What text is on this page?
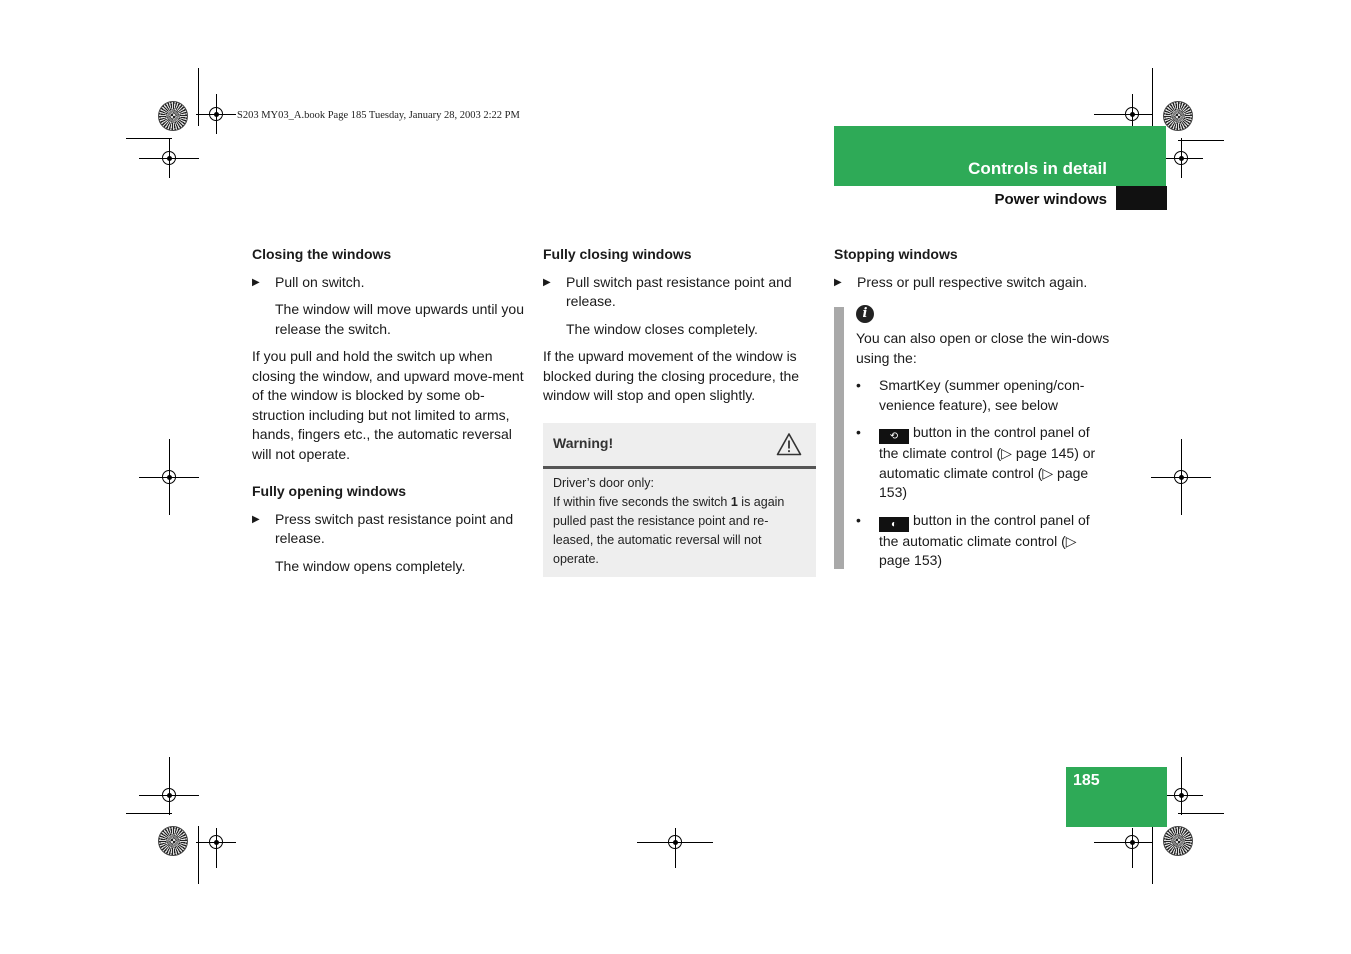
S203 MY03_A.book Page 185 Tuesday, January 28, 2003 2:22 PM
Controls in detail
Power windows

Closing the windows

▶	Pull on switch.

The window will move upwards until you release the switch.

If you pull and hold the switch up when closing the window, and upward move-ment of the window is blocked by some ob-struction including but not limited to arms, hands, fingers etc., the automatic reversal will not operate.

Fully opening windows

▶	Press switch past resistance point and release.

The window opens completely.

Fully closing windows

▶	Pull switch past resistance point and release.

The window closes completely.

If the upward movement of the window is blocked during the closing procedure, the window will stop and open slightly.

Warning!
Driver’s door only:
If within five seconds the switch 1 is again pulled past the resistance point and re-leased, the automatic reversal will not operate.

Stopping windows

▶	Press or pull respective switch again.

i

You can also open or close the win-dows using the:

•	SmartKey (summer opening/con-venience feature), see below
•	⟲ button in the control panel of the climate control (▷ page 145) or automatic climate control (▷ page 153)
•	◐ button in the control panel of the automatic climate control (▷ page 153)
185
